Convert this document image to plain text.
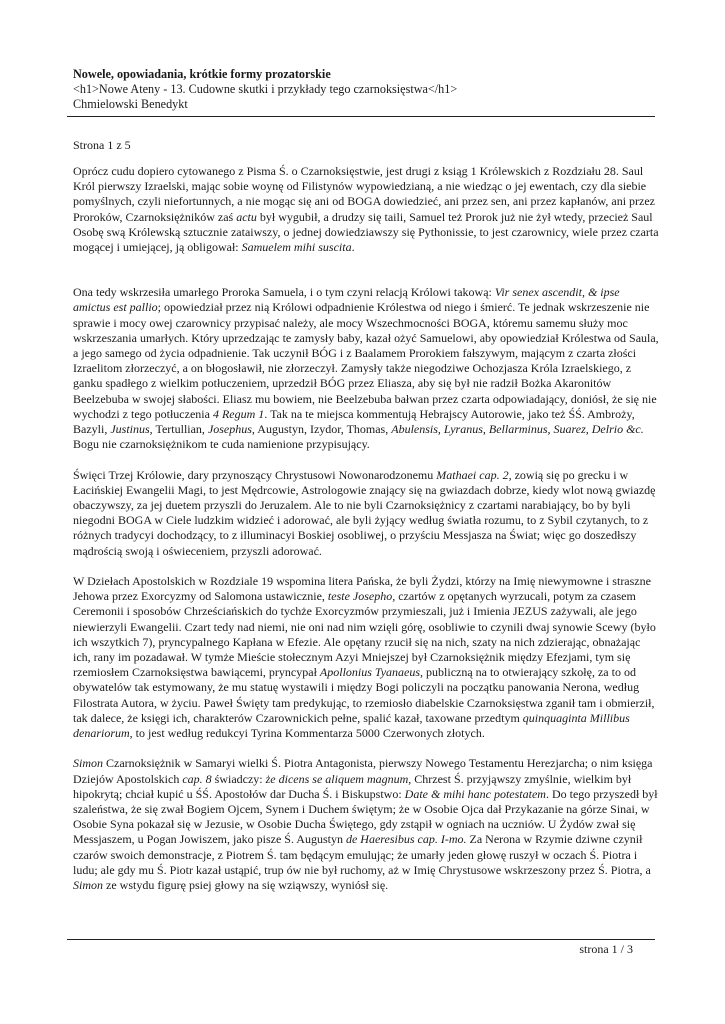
Nowele, opowiadania, krótkie formy prozatorskie
<h1>Nowe Ateny - 13. Cudowne skutki i przykłady tego czarnoksięstwa</h1>
Chmielowski Benedykt
Strona 1 z 5

Oprócz cudu dopiero cytowanego z Pisma Ś. o Czarnoksięstwie, jest drugi z ksiąg 1 Królewskich z Rozdziału 28. Saul Król pierwszy Izraelski, mając sobie woynę od Filistynów wypowiedzianą, a nie wiedząc o jej ewentach, czy dla siebie pomyślnych, czyli niefortunnych, a nie mogąc się ani od BOGA dowiedzieć, ani przez sen, ani przez kapłanów, ani przez Proroków, Czarnoksiężników zaś actu był wygubił, a drudzy się taili, Samuel też Prorok już nie żył wtedy, przecież Saul Osobę swą Królewską sztucznie zataiwszy, o jednej dowiedziawszy się Pythonissie, to jest czarownicy, wiele przez czarta mogącej i umiejącej, ją obligował: Samuelem mihi suscita.

Ona tedy wskrzesiła umarłego Proroka Samuela, i o tym czyni relacją Królowi takową: Vir senex ascendit, & ipse amictus est pallio; opowiedział przez nią Królowi odpadnienie Królestwa od niego i śmierć. Te jednak wskrzeszenie nie sprawie i mocy owej czarownicy przypisać należy, ale mocy Wszechmocności BOGA, któremu samemu służy moc wskrzeszania umarłych. Który uprzedzając te zamysły baby, kazał ożyć Samuelowi, aby opowiedział Królestwa od Saula, a jego samego od życia odpadnienie. Tak uczynił BÓG i z Baalamem Prorokiem fałszywym, mającym z czarta złości Izraelitom złorzeczyć, a on błogosławił, nie złorzeczył. Zamysły także niegodziwe Ochozjasza Króla Izraelskiego, z ganku spadłego z wielkim potłuczeniem, uprzedził BÓG przez Eliasza, aby się był nie radził Bożka Akaronitów Beelzebuba w swojej słabości. Eliasz mu bowiem, nie Beelzebuba bałwan przez czarta odpowiadający, doniósł, że się nie wychodzi z tego potłuczenia 4 Regum 1. Tak na te miejsca kommentują Hebrajscy Autorowie, jako też ŚŚ. Ambroży, Bazyli, Justinus, Tertullian, Josephus, Augustyn, Izydor, Thomas, Abulensis, Lyranus, Bellarminus, Suarez, Delrio &c. Bogu nie czarnoksiężnikom te cuda namienione przypisujący.

Święci Trzej Królowie, dary przynoszący Chrystusowi Nowonarodzonemu Mathaei cap. 2, zowią się po grecku i w Łacińskiej Ewangelii Magi, to jest Mędrcowie, Astrologowie znający się na gwiazdach dobrze, kiedy wlot nową gwiazdę obaczywszy, za jej duetem przyszli do Jeruzalem. Ale to nie byli Czarnoksiężnicy z czartami narabiający, bo by byli niegodni BOGA w Ciele ludzkim widzieć i adorować, ale byli żyjący według światła rozumu, to z Sybil czytanych, to z różnych tradycyi dochodzący, to z illuminacyi Boskiej osobliwej, o przyściu Messjasza na Świat; więc go doszedłszy mądrością swoją i oświeceniem, przyszli adorować.

W Dziełach Apostolskich w Rozdziale 19 wspomina litera Pańska, że byli Żydzi, którzy na Imię niewymowne i straszne Jehowa przez Exorcyzmy od Salomona ustawicznie, teste Josepho, czartów z opętanych wyrzucali, potym za czasem Ceremonii i sposobów Chrześciańskich do tychże Exorcyzmów przymieszali, już i Imienia JEZUS zażywali, ale jego niewierzyli Ewangelii. Czart tedy nad niemi, nie oni nad nim wzięli górę, osobliwie to czynili dwaj synowie Scewy (było ich wszytkich 7), pryncypalnego Kapłana w Efezie. Ale opętany rzucił się na nich, szaty na nich zdzierając, obnażając ich, rany im pozadawał. W tymże Mieście stołecznym Azyi Mniejszej był Czarnoksiężnik między Efezjami, tym się rzemiosłem Czarnoksięstwa bawiącemi, pryncypał Apollonius Tyanaeus, publiczną na to otwierający szkołę, za to od obywatelów tak estymowany, że mu statuę wystawili i między Bogi policzyli na początku panowania Nerona, według Filostrata Autora, w życiu. Paweł Święty tam predykując, to rzemiosło diabelskie Czarnoksięstwa zganił tam i obmierził, tak dalece, że księgi ich, charakterów Czarownickich pełne, spalić kazał, taxowane przedtym quinquaginta Millibus denariorum, to jest według redukcyi Tyrina Kommentarza 5000 Czerwonych złotych.

Simon Czarnoksiężnik w Samaryi wielki Ś. Piotra Antagonista, pierwszy Nowego Testamentu Herezjarcha; o nim księga Dziejów Apostolskich cap. 8 świadczy: że dicens se aliquem magnum, Chrzest Ś. przyjąwszy zmyślnie, wielkim był hipokrytą; chciał kupić u ŚŚ. Apostołów dar Ducha Ś. i Biskupstwo: Date & mihi hanc potestatem. Do tego przyszedł był szaleństwa, że się zwał Bogiem Ojcem, Synem i Duchem świętym; że w Osobie Ojca dał Przykazanie na górze Sinai, w Osobie Syna pokazał się w Jezusie, w Osobie Ducha Świętego, gdy zstąpił w ogniach na uczniów. U Żydów zwał się Messjaszem, u Pogan Jowiszem, jako pisze Ś. Augustyn de Haeresibus cap. I-mo. Za Nerona w Rzymie dziwne czynił czarów swoich demonstracje, z Piotrem Ś. tam będącym emulując; że umarły jeden głowę ruszył w oczach Ś. Piotra i ludu; ale gdy mu Ś. Piotr kazał ustąpić, trup ów nie był ruchomy, aż w Imię Chrystusowe wskrzeszony przez Ś. Piotra, a Simon ze wstydu figurę psiej głowy na się wziąwszy, wyniósł się.

strona 1 / 3
